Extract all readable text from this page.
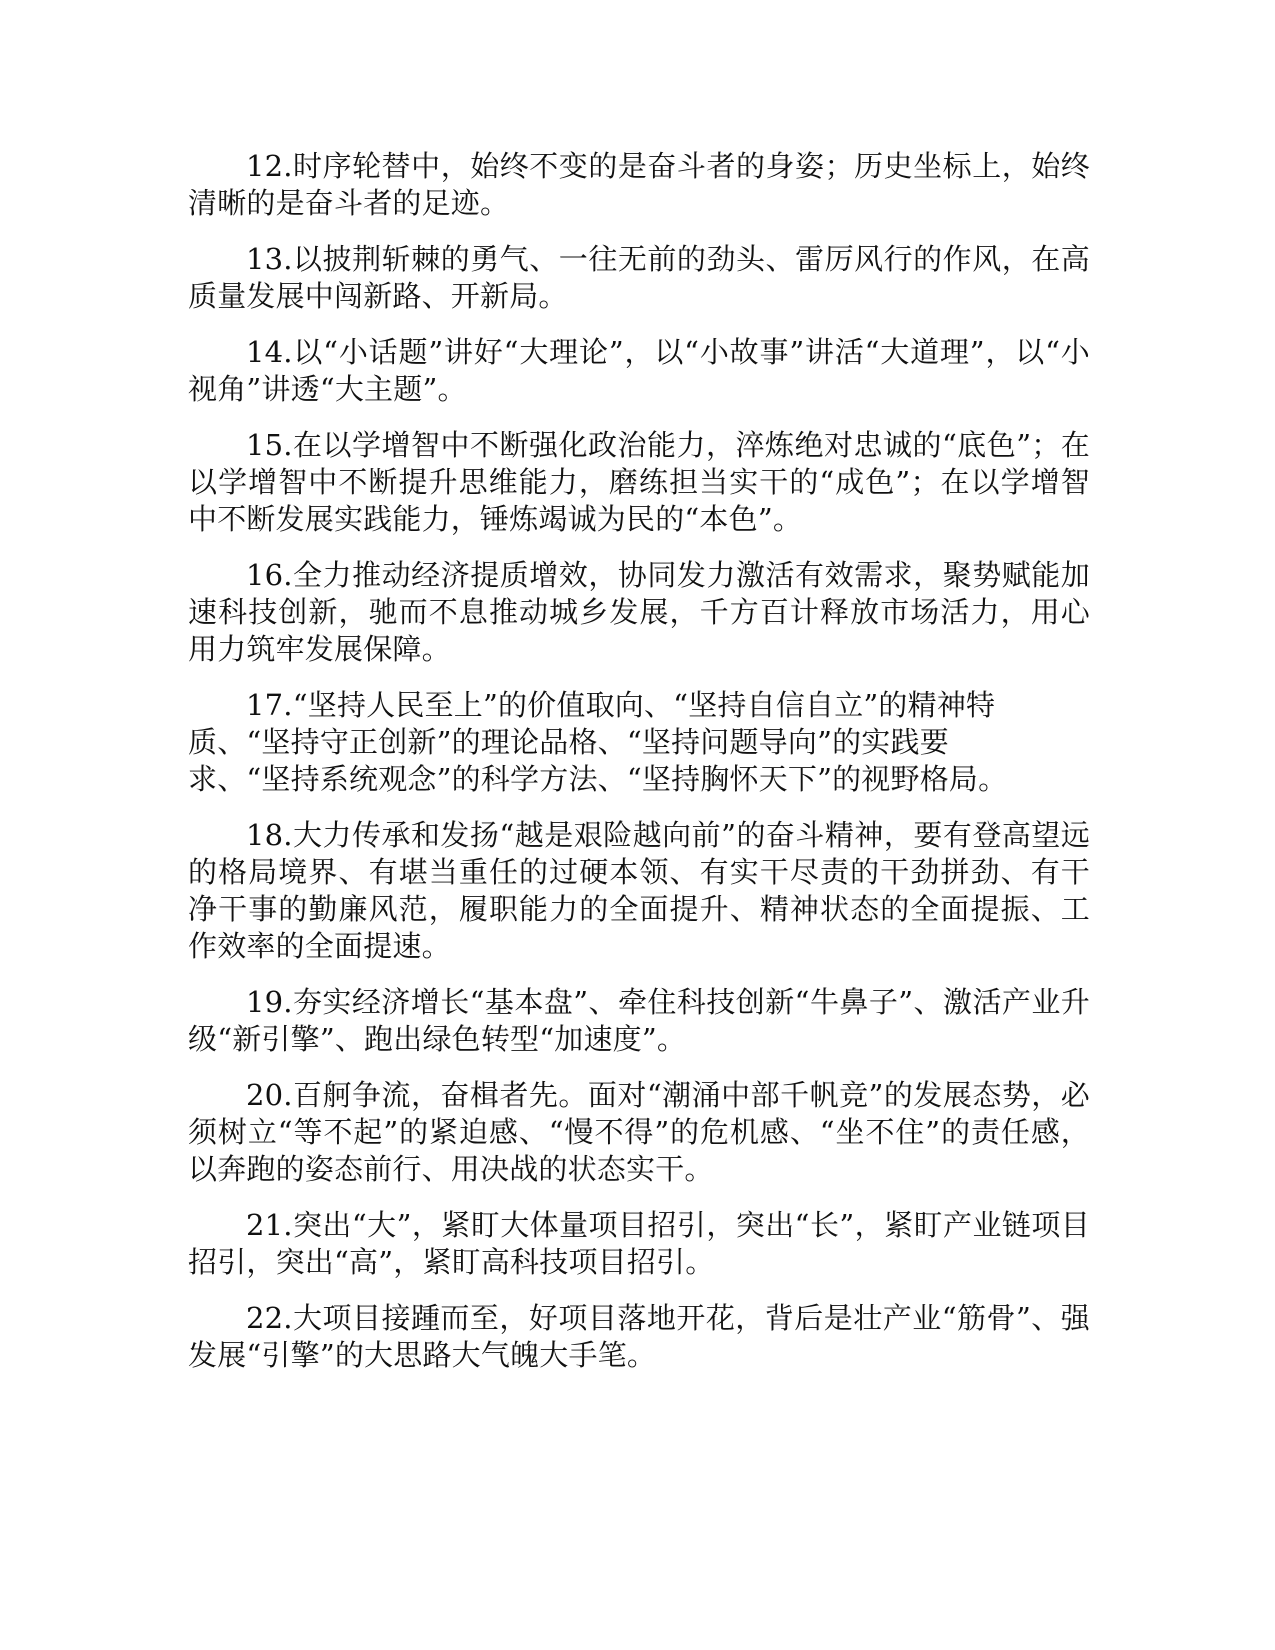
12.时序轮替中，始终不变的是奋斗者的身姿；历史坐标上，始终清晰的是奋斗者的足迹。

13.以披荆斩棘的勇气、一往无前的劲头、雷厉风行的作风，在高质量发展中闯新路、开新局。

14.以“小话题”讲好“大理论”，以“小故事”讲活“大道理”，以“小视角”讲透“大主题”。

15.在以学增智中不断强化政治能力，淬炼绝对忠诚的“底色”；在以学增智中不断提升思维能力，磨练担当实干的“成色”；在以学增智中不断发展实践能力，锤炼竭诚为民的“本色”。

16.全力推动经济提质增效，协同发力激活有效需求，聚势赋能加速科技创新，驰而不息推动城乡发展，千方百计释放市场活力，用心用力筑牢发展保障。

17.“坚持人民至上”的价值取向、“坚持自信自立”的精神特质、“坚持守正创新”的理论品格、“坚持问题导向”的实践要求、“坚持系统观念”的科学方法、“坚持胸怀天下”的视野格局。

18.大力传承和发扬“越是艰险越向前”的奋斗精神，要有登高望远的格局境界、有堪当重任的过硬本领、有实干尽责的干劲拼劲、有干净干事的勤廉风范，履职能力的全面提升、精神状态的全面提振、工作效率的全面提速。

19.夯实经济增长“基本盘”、牵住科技创新“牛鼻子”、激活产业升级“新引擎”、跑出绿色转型“加速度”。

20.百舸争流，奋楫者先。面对“潮涌中部千帆竞”的发展态势，必须树立“等不起”的紧迫感、“慢不得”的危机感、“坐不住”的责任感，以奔跑的姿态前行、用决战的状态实干。

21.突出“大”，紧盯大体量项目招引，突出“长”，紧盯产业链项目招引，突出“高”，紧盯高科技项目招引。

22.大项目接踵而至，好项目落地开花，背后是壮产业“筋骨”、强发展“引擎”的大思路大气魄大手笔。
